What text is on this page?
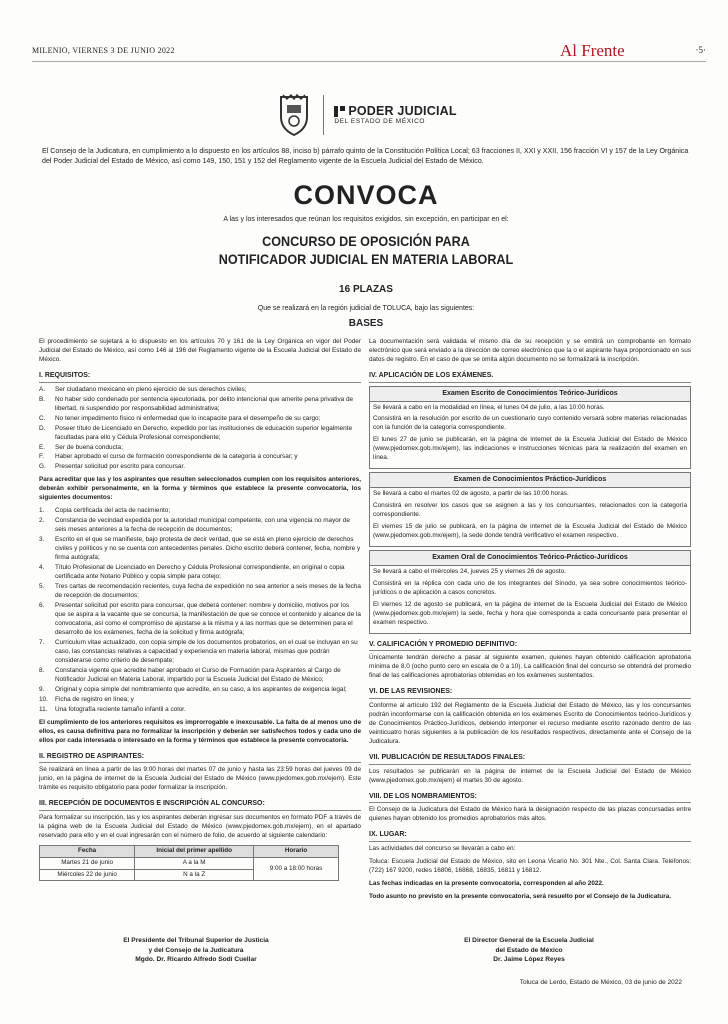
MILENIO, VIERNES 3 DE JUNIO 2022	Al Frente	·5·
PODER JUDICIAL
DEL ESTADO DE MÉXICO
El Consejo de la Judicatura, en cumplimiento a lo dispuesto en los artículos 88, inciso b) párrafo quinto de la Constitución Política Local; 63 fracciones II, XXI y XXII, 156 fracción VI y 157 de la Ley Orgánica del Poder Judicial del Estado de México, así como 149, 150, 151 y 152 del Reglamento vigente de la Escuela Judicial del Estado de México.
CONVOCA
A las y los interesados que reúnan los requisitos exigidos, sin excepción, en participar en el:
CONCURSO DE OPOSICIÓN PARA
NOTIFICADOR JUDICIAL EN MATERIA LABORAL
16 PLAZAS
Que se realizará en la región judicial de TOLUCA, bajo las siguientes:
BASES
El procedimiento se sujetará a lo dispuesto en los artículos 70 y 161 de la Ley Orgánica en vigor del Poder Judicial del Estado de México, así como 146 al 196 del Reglamento vigente de la Escuela Judicial del Estado de México.
I. REQUISITOS:
A.	Ser ciudadano mexicano en pleno ejercicio de sus derechos civiles;
B.	No haber sido condenado por sentencia ejecutoriada, por delito intencional que amerite pena privativa de libertad, ni suspendido por responsabilidad administrativa;
C.	No tener impedimento físico ni enfermedad que lo incapacite para el desempeño de su cargo;
D.	Poseer título de Licenciado en Derecho, expedido por las instituciones de educación superior legalmente facultadas para ello y Cédula Profesional correspondiente;
E.	Ser de buena conducta;
F.	Haber aprobado el curso de formación correspondiente de la categoría a concursar; y
G.	Presentar solicitud por escrito para concursar.
Para acreditar que las y los aspirantes que resulten seleccionados cumplen con los requisitos anteriores, deberán exhibir personalmente, en la forma y términos que establece la presente convocatoria, los siguientes documentos:
1.	Copia certificada del acta de nacimiento;
2.	Constancia de vecindad expedida por la autoridad municipal competente, con una vigencia no mayor de seis meses anteriores a la fecha de recepción de documentos;
3.	Escrito en el que se manifieste, bajo protesta de decir verdad, que se está en pleno ejercicio de derechos civiles y políticos y no se cuenta con antecedentes penales. Dicho escrito deberá contener, fecha, nombre y firma autógrafa;
4.	Título Profesional de Licenciado en Derecho y Cédula Profesional correspondiente, en original o copia certificada ante Notario Público y copia simple para cotejo;
5.	Tres cartas de recomendación recientes, cuya fecha de expedición no sea anterior a seis meses de la fecha de recepción de documentos;
6.	Presentar solicitud por escrito para concursar, que deberá contener: nombre y domicilio, motivos por los que se aspira a la vacante que se concursa, la manifestación de que se conoce el contenido y alcance de la convocatoria, así como el compromiso de ajustarse a la misma y a las normas que se determinen para el desarrollo de los exámenes, fecha de la solicitud y firma autógrafa;
7.	Curriculum vitae actualizado, con copia simple de los documentos probatorios, en el cual se incluyan en su caso, las constancias relativas a capacidad y experiencia en materia laboral, mismas que podrán considerarse como criterio de desempate;
8.	Constancia vigente que acredite haber aprobado el Curso de Formación para Aspirantes al Cargo de Notificador Judicial en Materia Laboral, impartido por la Escuela Judicial del Estado de México;
9.	Original y copia simple del nombramiento que acredite, en su caso, a los aspirantes de exigencia legal;
10. Ficha de registro en línea; y
11. Una fotografía reciente tamaño infantil a color.
El cumplimiento de los anteriores requisitos es improrrogable e inexcusable. La falta de al menos uno de ellos, es causa definitiva para no formalizar la inscripción y deberán ser satisfechos todos y cada uno de ellos por cada interesada o interesado en la forma y términos que establece la presente convocatoria.
II. REGISTRO DE ASPIRANTES:
Se realizará en línea a partir de las 9:00 horas del martes 07 de junio y hasta las 23:59 horas del jueves 09 de junio, en la página de internet de la Escuela Judicial del Estado de México (www.pjedomex.gob.mx/ejem). Este trámite es requisito obligatorio para poder formalizar la inscripción.
III. RECEPCIÓN DE DOCUMENTOS E INSCRIPCIÓN AL CONCURSO:
Para formalizar su inscripción, las y los aspirantes deberán ingresar sus documentos en formato PDF a través de la página web de la Escuela Judicial del Estado de México (www.pjedomex.gob.mx/ejem), en el apartado reservado para ello y en el cual ingresarán con el número de folio, de acuerdo al siguiente calendario:
Fecha	Inicial del primer apellido	Horario
Martes 21 de junio	A a la M	9:00 a 18:00 horas
Miércoles 22 de junio	N a la Z	
La documentación será validada el mismo día de su recepción y se emitirá un comprobante en formato electrónico que será enviado a la dirección de correo electrónico que la o el aspirante haya proporcionado en sus datos de registro. En el caso de que se omita algún documento no se formalizará la inscripción.
IV. APLICACIÓN DE LOS EXÁMENES.
Examen Escrito de Conocimientos Teórico-Jurídicos
Se llevará a cabo en la modalidad en línea, el lunes 04 de julio, a las 10:00 horas.
Consistirá en la resolución por escrito de un cuestionario cuyo contenido versará sobre materias relacionadas con la función de la categoría correspondiente.
El lunes 27 de junio se publicarán, en la página de internet de la Escuela Judicial del Estado de México (www.pjedomex.gob.mx/ejem), las indicaciones e instrucciones técnicas para la realización del examen en línea.
Examen de Conocimientos Práctico-Jurídicos
Se llevará a cabo el martes 02 de agosto, a partir de las 10:00 horas.
Consistirá en resolver los casos que se asignen a las y los concursantes, relacionados con la categoría correspondiente.
El viernes 15 de julio se publicará, en la página de internet de la Escuela Judicial del Estado de México (www.pjedomex.gob.mx/ejem), la sede donde tendrá verificativo el examen respectivo.
Examen Oral de Conocimientos Teórico-Práctico-Jurídicos
Se llevará a cabo el miércoles 24, jueves 25 y viernes 26 de agosto.
Consistirá en la réplica con cada uno de los integrantes del Sínodo, ya sea sobre conocimientos teórico-jurídicos o de aplicación a casos concretos.
El viernes 12 de agosto se publicará, en la página de internet de la Escuela Judicial del Estado de México (www.pjedomex.gob.mx/ejem) la sede, fecha y hora que corresponda a cada concursante para presentar el examen respectivo.
V. CALIFICACIÓN Y PROMEDIO DEFINITIVO:
Únicamente tendrán derecho a pasar al siguiente examen, quienes hayan obtenido calificación aprobatoria mínima de 8.0 (ocho punto cero en escala de 0 a 10). La calificación final del concurso se obtendrá del promedio final de las calificaciones aprobatorias obtenidas en los exámenes sustentados.
VI. DE LAS REVISIONES:
Conforme al artículo 192 del Reglamento de la Escuela Judicial del Estado de México, las y los concursantes podrán inconformarse con la calificación obtenida en los exámenes Escrito de Conocimientos teórico-Jurídicos y de Conocimientos Práctico-Jurídicos, debiendo interponer el recurso mediante escrito razonado dentro de las veinticuatro horas siguientes a la publicación de los resultados respectivos, directamente ante el Consejo de la Judicatura.
VII. PUBLICACIÓN DE RESULTADOS FINALES:
Los resultados se publicarán en la página de internet de la Escuela Judicial del Estado de México (www.pjedomex.gob.mx/ejem) el martes 30 de agosto.
VIII. DE LOS NOMBRAMIENTOS:
El Consejo de la Judicatura del Estado de México hará la designación respecto de las plazas concursadas entre quienes hayan obtenido los promedios aprobatorios más altos.
IX. LUGAR:
Las actividades del concurso se llevarán a cabo en:
Toluca: Escuela Judicial del Estado de México, sito en Leona Vicario No. 301 Nte., Col. Santa Clara. Teléfonos: (722) 167 9200, redes 16806, 16868, 16835, 16811 y 16812.
Las fechas indicadas en la presente convocatoria, corresponden al año 2022.
Todo asunto no previsto en la presente convocatoria, será resuelto por el Consejo de la Judicatura.
El Presidente del Tribunal Superior de Justicia
y del Consejo de la Judicatura
Mgdo. Dr. Ricardo Alfredo Sodi Cuellar
El Director General de la Escuela Judicial
del Estado de México
Dr. Jaime López Reyes
Toluca de Lerdo, Estado de México, 03 de junio de 2022
